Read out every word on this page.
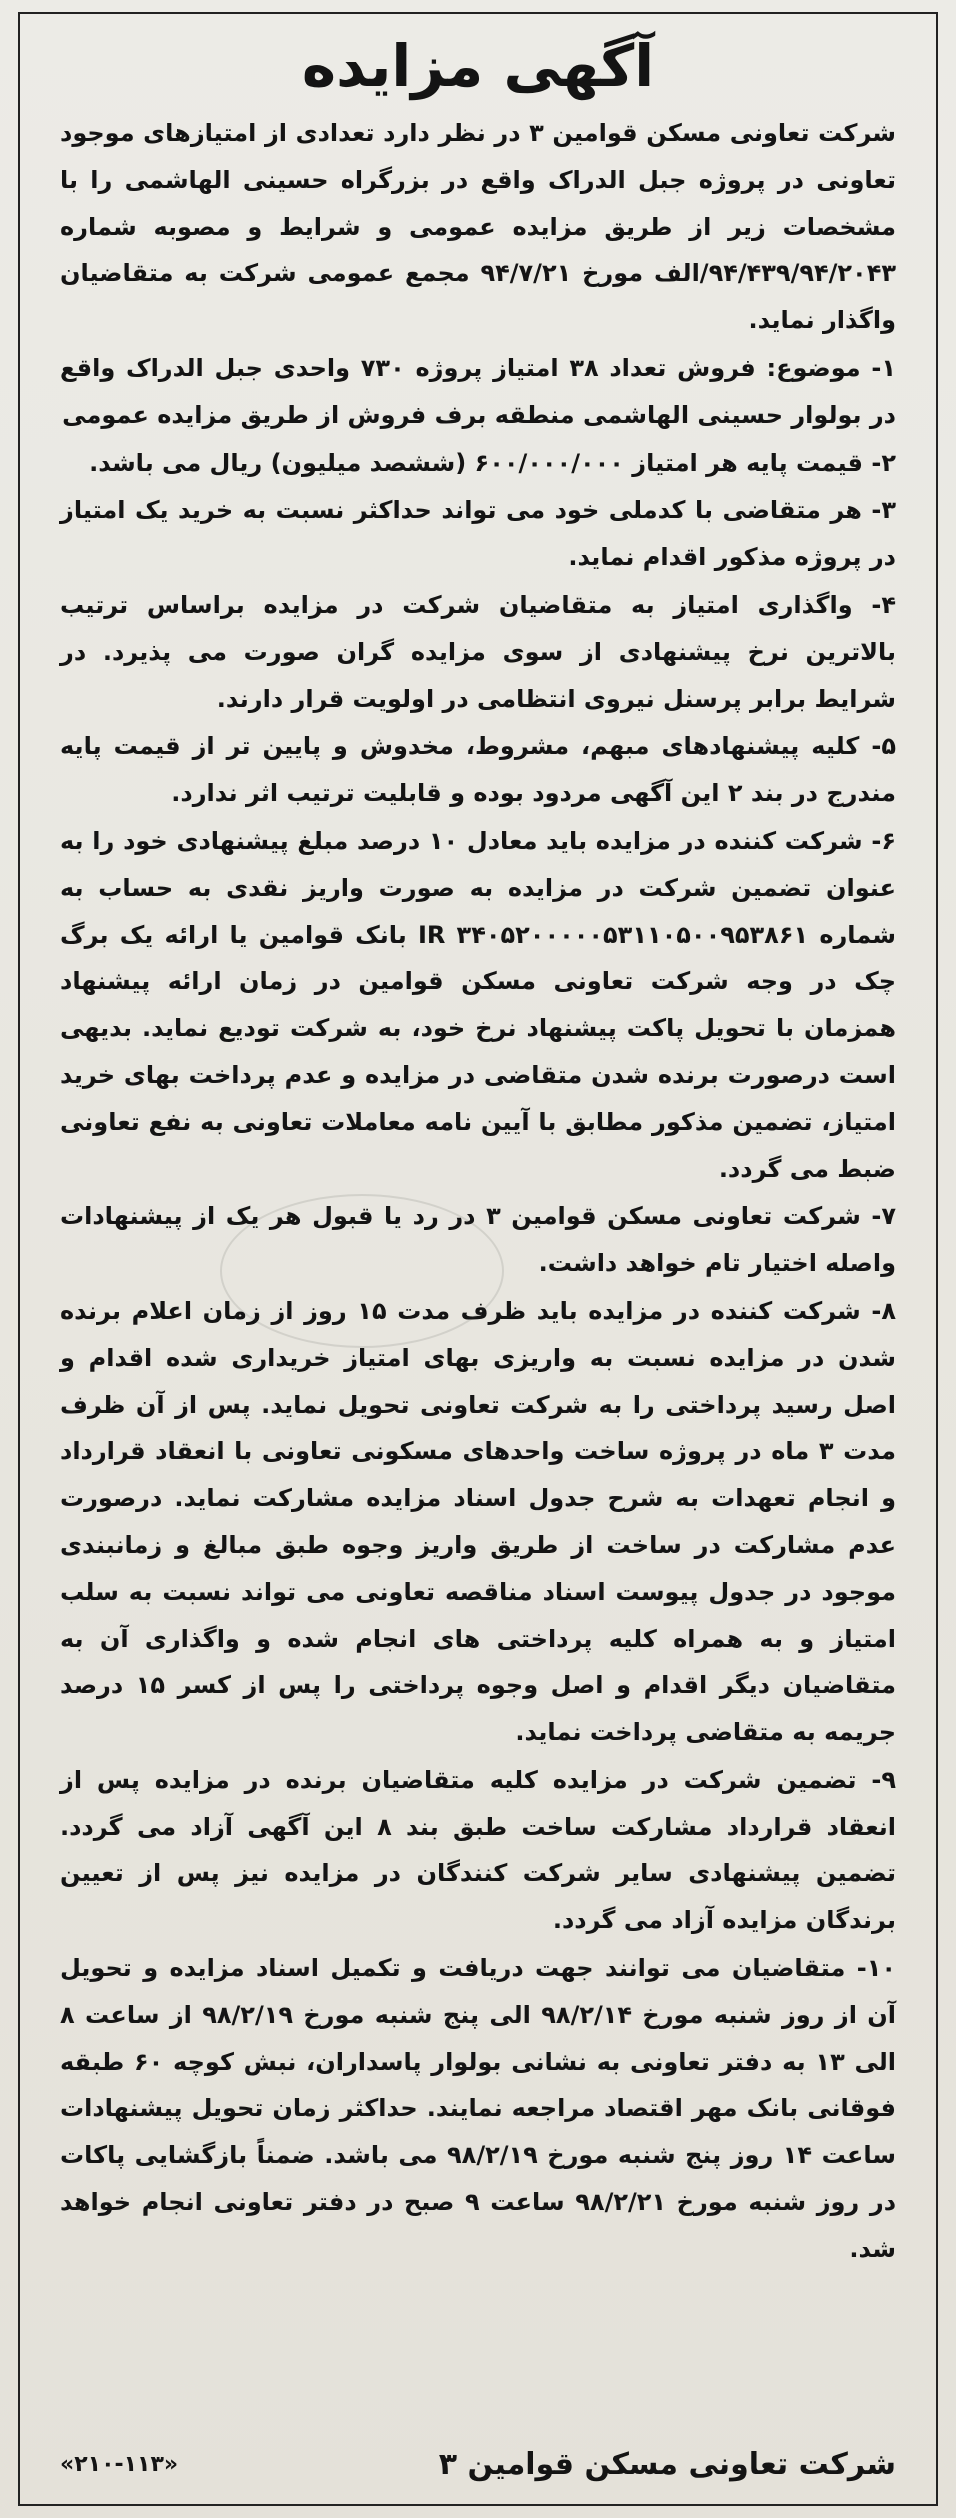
آگهی مزایده

شرکت تعاونی مسکن قوامین ۳ در نظر دارد تعدادی از امتیازهای موجود تعاونی در پروژه جبل الدراک واقع در بزرگراه حسینی الهاشمی را با مشخصات زیر از طریق مزایده عمومی و شرایط و مصوبه شماره ۹۴/۴۳۹/۹۴/۲۰۴۳/الف مورخ ۹۴/۷/۲۱ مجمع عمومی شرکت به متقاضیان واگذار نماید.

۱- موضوع: فروش تعداد ۳۸ امتیاز پروژه ۷۳۰ واحدی جبل الدراک واقع در بولوار حسینی الهاشمی منطقه برف فروش از طریق مزایده عمومی

۲- قیمت پایه هر امتیاز ۶۰۰/۰۰۰/۰۰۰ (ششصد میلیون) ریال می باشد.

۳- هر متقاضی با کدملی خود می تواند حداکثر نسبت به خرید یک امتیاز در پروژه مذکور اقدام نماید.

۴- واگذاری امتیاز به متقاضیان شرکت در مزایده براساس ترتیب بالاترین نرخ پیشنهادی از سوی مزایده گران صورت می پذیرد. در شرایط برابر پرسنل نیروی انتظامی در اولویت قرار دارند.

۵- کلیه پیشنهادهای مبهم، مشروط، مخدوش و پایین تر از قیمت پایه مندرج در بند ۲ این آگهی مردود بوده و قابلیت ترتیب اثر ندارد.

۶- شرکت کننده در مزایده باید معادل ۱۰ درصد مبلغ پیشنهادی خود را به عنوان تضمین شرکت در مزایده به صورت واریز نقدی به حساب به شماره IR ۳۴۰۵۲۰۰۰۰۰۵۳۱۱۰۵۰۰۹۵۳۸۶۱ بانک قوامین یا ارائه یک برگ چک در وجه شرکت تعاونی مسکن قوامین در زمان ارائه پیشنهاد همزمان با تحویل پاکت پیشنهاد نرخ خود، به شرکت تودیع نماید. بدیهی است درصورت برنده شدن متقاضی در مزایده و عدم پرداخت بهای خرید امتیاز، تضمین مذکور مطابق با آیین نامه معاملات تعاونی به نفع تعاونی ضبط می گردد.

۷- شرکت تعاونی مسکن قوامین ۳ در رد یا قبول هر یک از پیشنهادات واصله اختیار تام خواهد داشت.

۸- شرکت کننده در مزایده باید ظرف مدت ۱۵ روز از زمان اعلام برنده شدن در مزایده نسبت به واریزی بهای امتیاز خریداری شده اقدام و اصل رسید پرداختی را به شرکت تعاونی تحویل نماید. پس از آن ظرف مدت ۳ ماه در پروژه ساخت واحدهای مسکونی تعاونی با انعقاد قرارداد و انجام تعهدات به شرح جدول اسناد مزایده مشارکت نماید. درصورت عدم مشارکت در ساخت از طریق واریز وجوه طبق مبالغ و زمانبندی موجود در جدول پیوست اسناد مناقصه تعاونی می تواند نسبت به سلب امتیاز و به همراه کلیه پرداختی های انجام شده و واگذاری آن به متقاضیان دیگر اقدام و اصل وجوه پرداختی را پس از کسر ۱۵ درصد جریمه به متقاضی پرداخت نماید.

۹- تضمین شرکت در مزایده کلیه متقاضیان برنده در مزایده پس از انعقاد قرارداد مشارکت ساخت طبق بند ۸ این آگهی آزاد می گردد. تضمین پیشنهادی سایر شرکت کنندگان در مزایده نیز پس از تعیین برندگان مزایده آزاد می گردد.

۱۰- متقاضیان می توانند جهت دریافت و تکمیل اسناد مزایده و تحویل آن از روز شنبه مورخ ۹۸/۲/۱۴ الی پنج شنبه مورخ ۹۸/۲/۱۹ از ساعت ۸ الی ۱۳ به دفتر تعاونی به نشانی بولوار پاسداران، نبش کوچه ۶۰ طبقه فوقانی بانک مهر اقتصاد مراجعه نمایند. حداکثر زمان تحویل پیشنهادات ساعت ۱۴ روز پنج شنبه مورخ ۹۸/۲/۱۹ می باشد. ضمناً بازگشایی پاکات در روز شنبه مورخ ۹۸/۲/۲۱ ساعت ۹ صبح در دفتر تعاونی انجام خواهد شد.

شرکت تعاونی مسکن قوامین ۳
«۲۱۰-۱۱۳»
